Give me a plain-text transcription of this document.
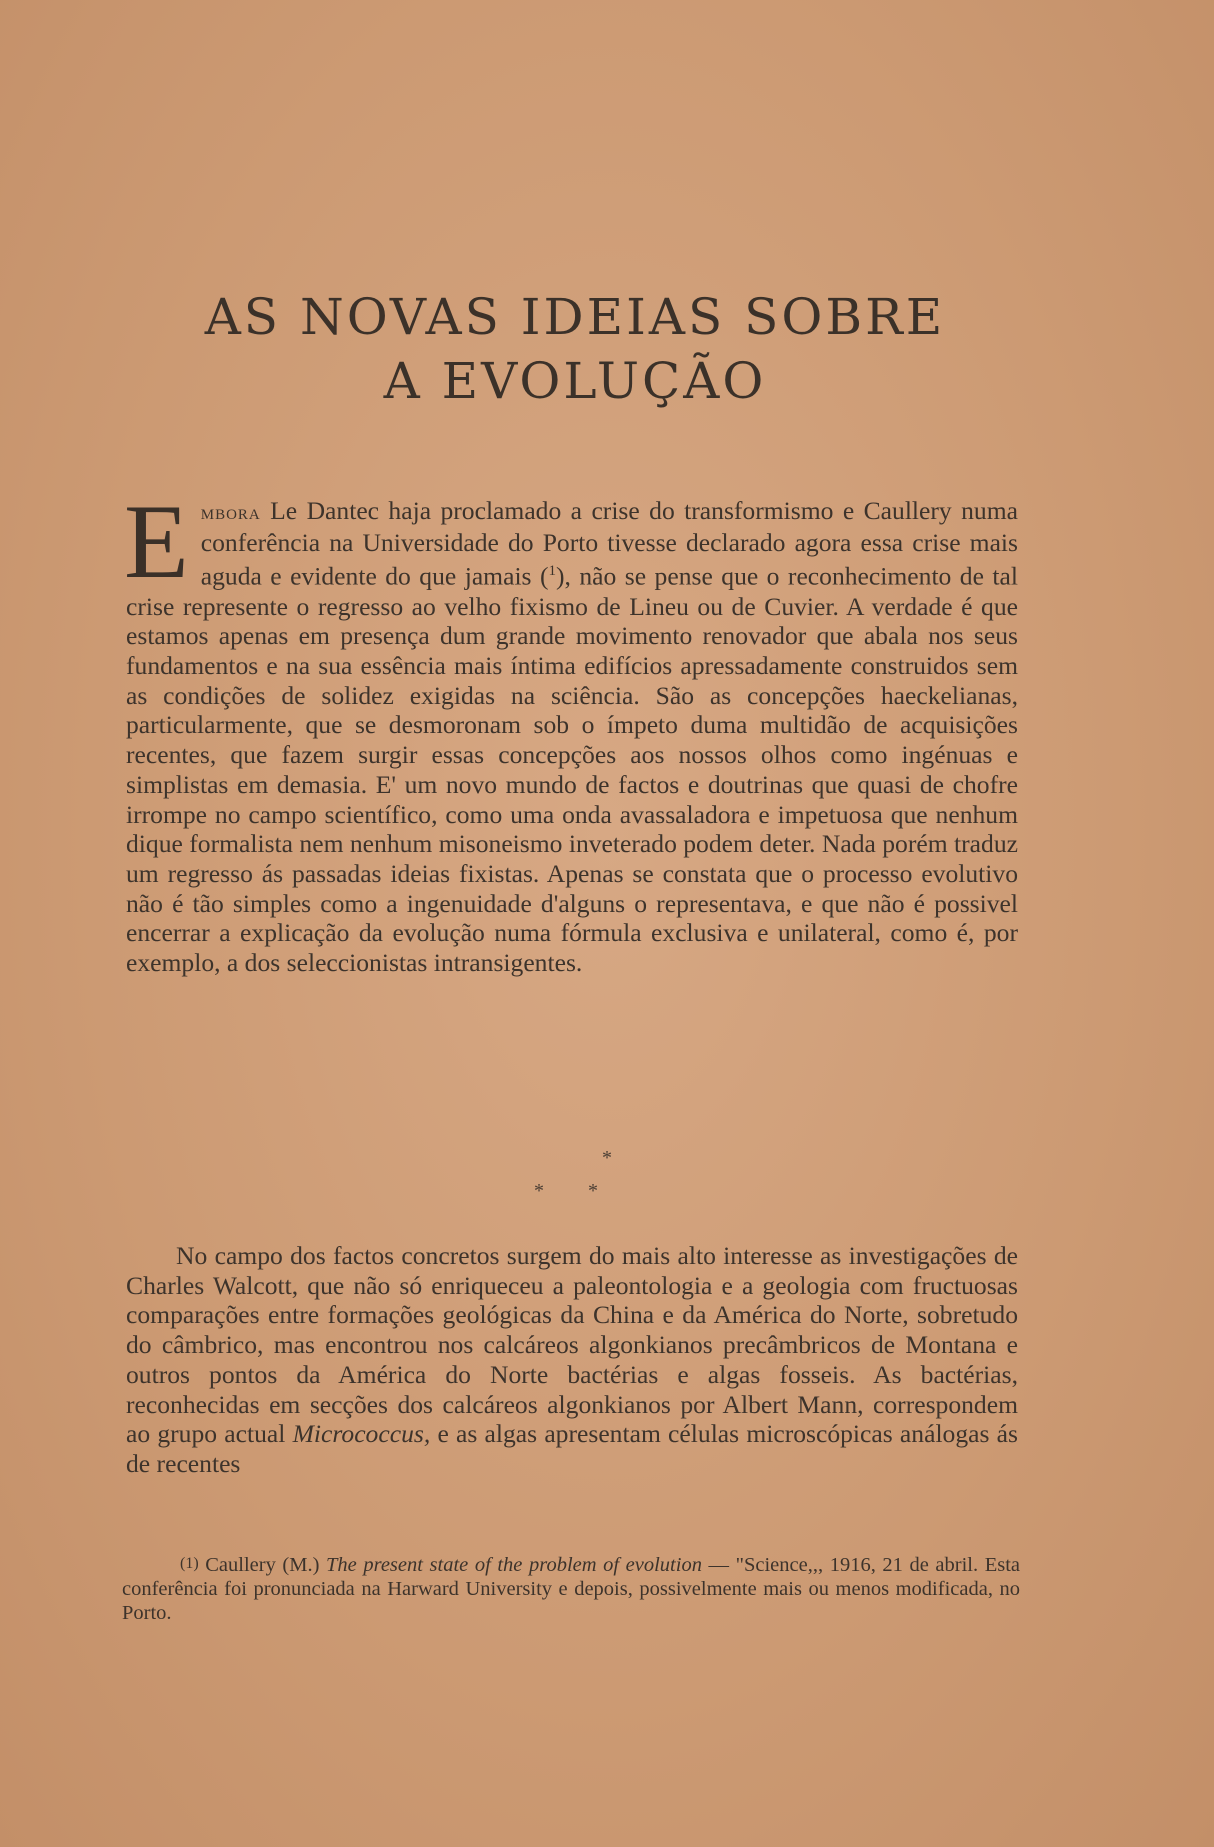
AS NOVAS IDEIAS SOBRE
A EVOLUÇÃO
Embora Le Dantec haja proclamado a crise do transformismo e Caullery numa conferência na Universidade do Porto tivesse declarado agora essa crise mais aguda e evidente do que jamais ($^1$), não se pense que o reconhecimento de tal crise represente o regresso ao velho fixismo de Lineu ou de Cuvier. A verdade é que estamos apenas em presença dum grande movimento renovador que abala nos seus fundamentos e na sua essência mais íntima edifícios apressadamente construidos sem as condições de solidez exigidas na sciência. São as concepções haeckelianas, particularmente, que se desmoronam sob o ímpeto duma multidão de acquisições recentes, que fazem surgir essas concepções aos nossos olhos como ingénuas e simplistas em demasia. E' um novo mundo de factos e doutrinas que quasi de chofre irrompe no campo scientífico, como uma onda avassaladora e impetuosa que nenhum dique formalista nem nenhum misoneismo inveterado podem deter. Nada porém traduz um regresso ás passadas ideias fixistas. Apenas se constata que o processo evolutivo não é tão simples como a ingenuidade d'alguns o representava, e que não é possivel encerrar a explicação da evolução numa fórmula exclusiva e unilateral, como é, por exemplo, a dos seleccionistas intransigentes.
*
* *
No campo dos factos concretos surgem do mais alto interesse as investigações de Charles Walcott, que não só enriqueceu a paleontologia e a geologia com fructuosas comparações entre formações geológicas da China e da América do Norte, sobretudo do câmbrico, mas encontrou nos calcáreos algonkianos precâmbricos de Montana e outros pontos da América do Norte bactérias e algas fosseis. As bactérias, reconhecidas em secções dos calcáreos algonkianos por Albert Mann, correspondem ao grupo actual Micrococcus, e as algas apresentam células microscópicas análogas ás de recentes
(1) Caullery (M.) The present state of the problem of evolution — "Science,,, 1916, 21 de abril. Esta conferência foi pronunciada na Harward University e depois, possivelmente mais ou menos modificada, no Porto.
